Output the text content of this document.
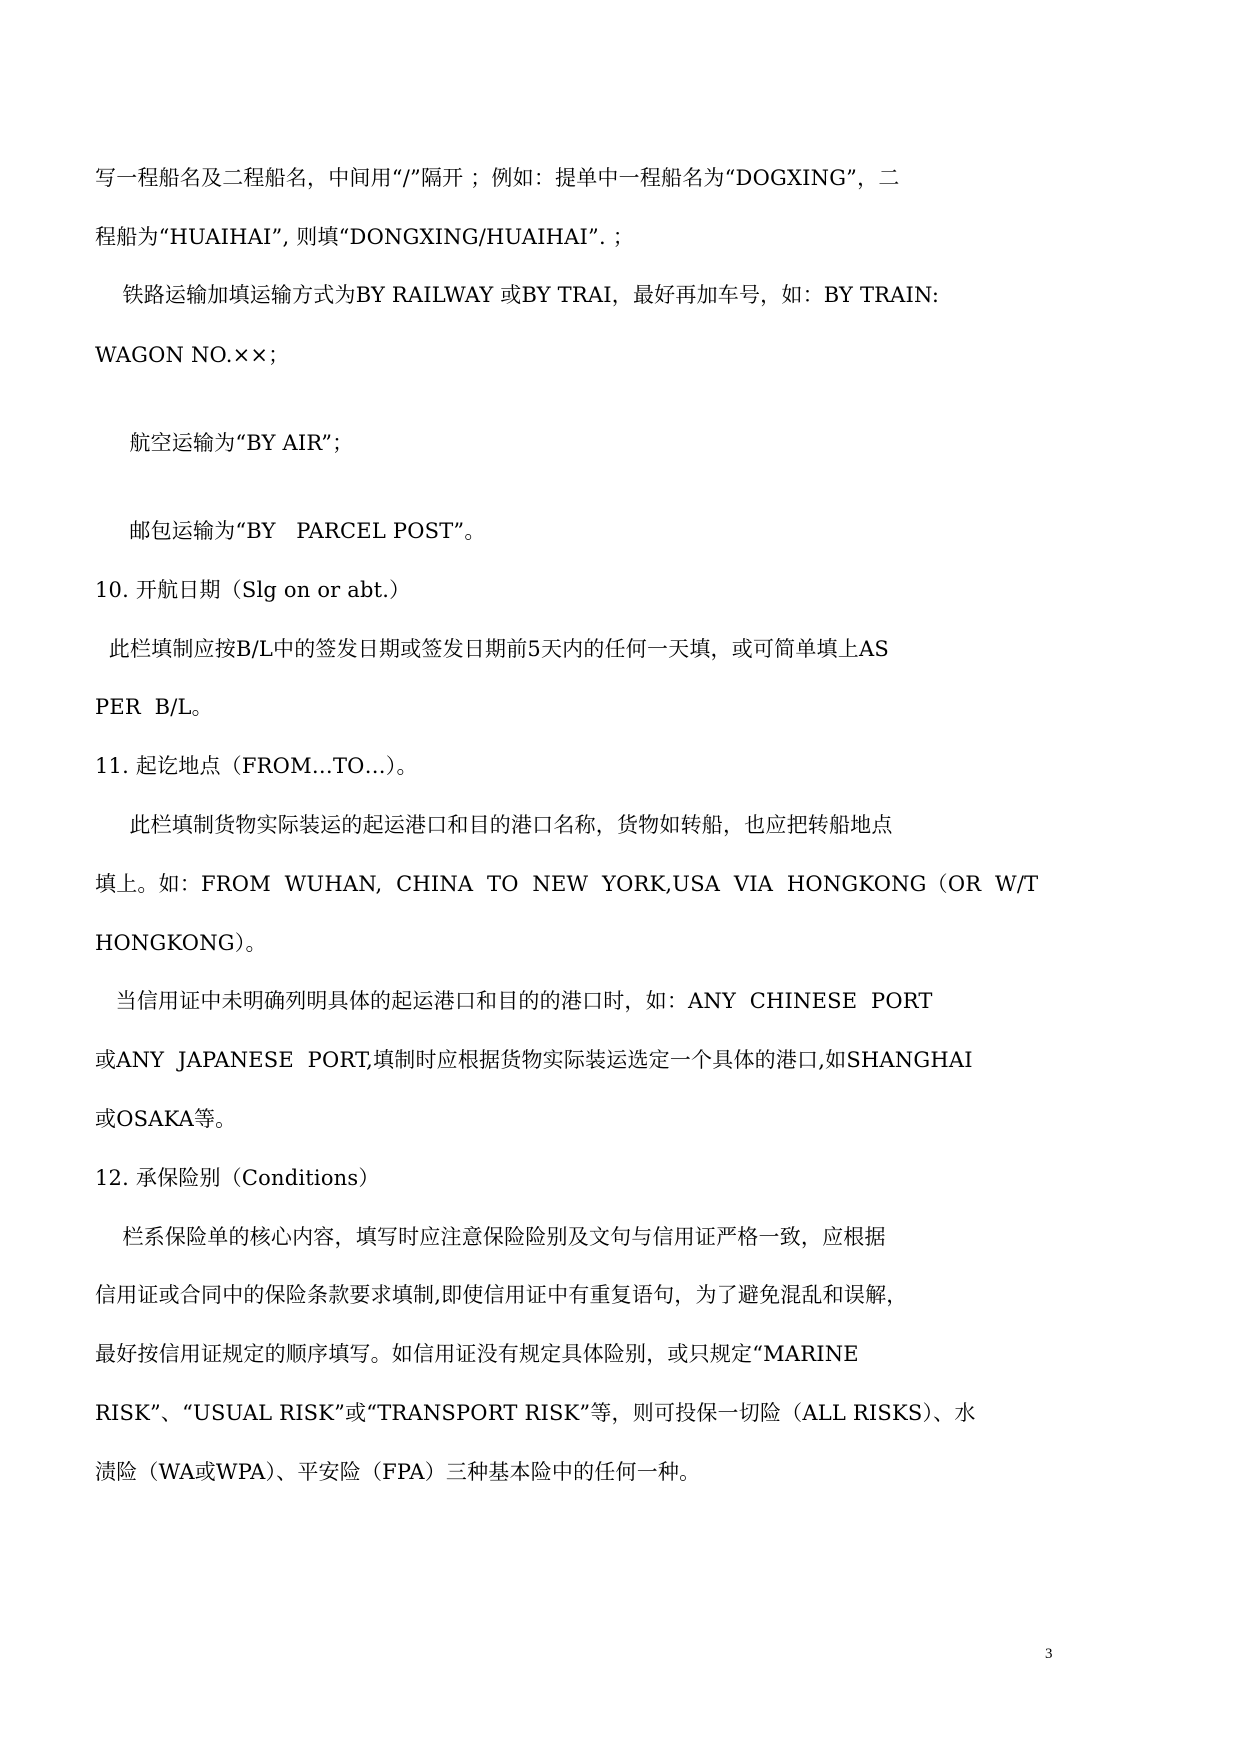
写一程船名及二程船名，中间用“/”隔开 ；例如：提单中一程船名为“DOGXING”，二
程船为“HUAIHAI”, 则填“DONGXING/HUAIHAI”. ；
铁路运输加填运输方式为BY RAILWAY 或BY TRAI，最好再加车号，如：BY TRAIN:
WAGON NO.××；
航空运输为“BY AIR”；
邮包运输为“BY   PARCEL POST”。
10. 开航日期（Slg on or abt.）
此栏填制应按B/L中的签发日期或签发日期前5天内的任何一天填，或可简单填上AS
PER  B/L。
11. 起讫地点（FROM…TO…）。
此栏填制货物实际装运的起运港口和目的港口名称，货物如转船，也应把转船地点
填上。如：FROM  WUHAN,  CHINA  TO  NEW  YORK,USA  VIA  HONGKONG（OR  W/T
HONGKONG）。
当信用证中未明确列明具体的起运港口和目的的港口时，如：ANY  CHINESE  PORT
或ANY  JAPANESE  PORT,填制时应根据货物实际装运选定一个具体的港口,如SHANGHAI
或OSAKA等。
12. 承保险别（Conditions）
栏系保险单的核心内容，填写时应注意保险险别及文句与信用证严格一致，应根据
信用证或合同中的保险条款要求填制,即使信用证中有重复语句，为了避免混乱和误解，
最好按信用证规定的顺序填写。如信用证没有规定具体险别，或只规定“MARINE
RISK”、“USUAL RISK”或“TRANSPORT RISK”等，则可投保一切险（ALL RISKS）、水
渍险（WA或WPA）、平安险（FPA）三种基本险中的任何一种。
3
